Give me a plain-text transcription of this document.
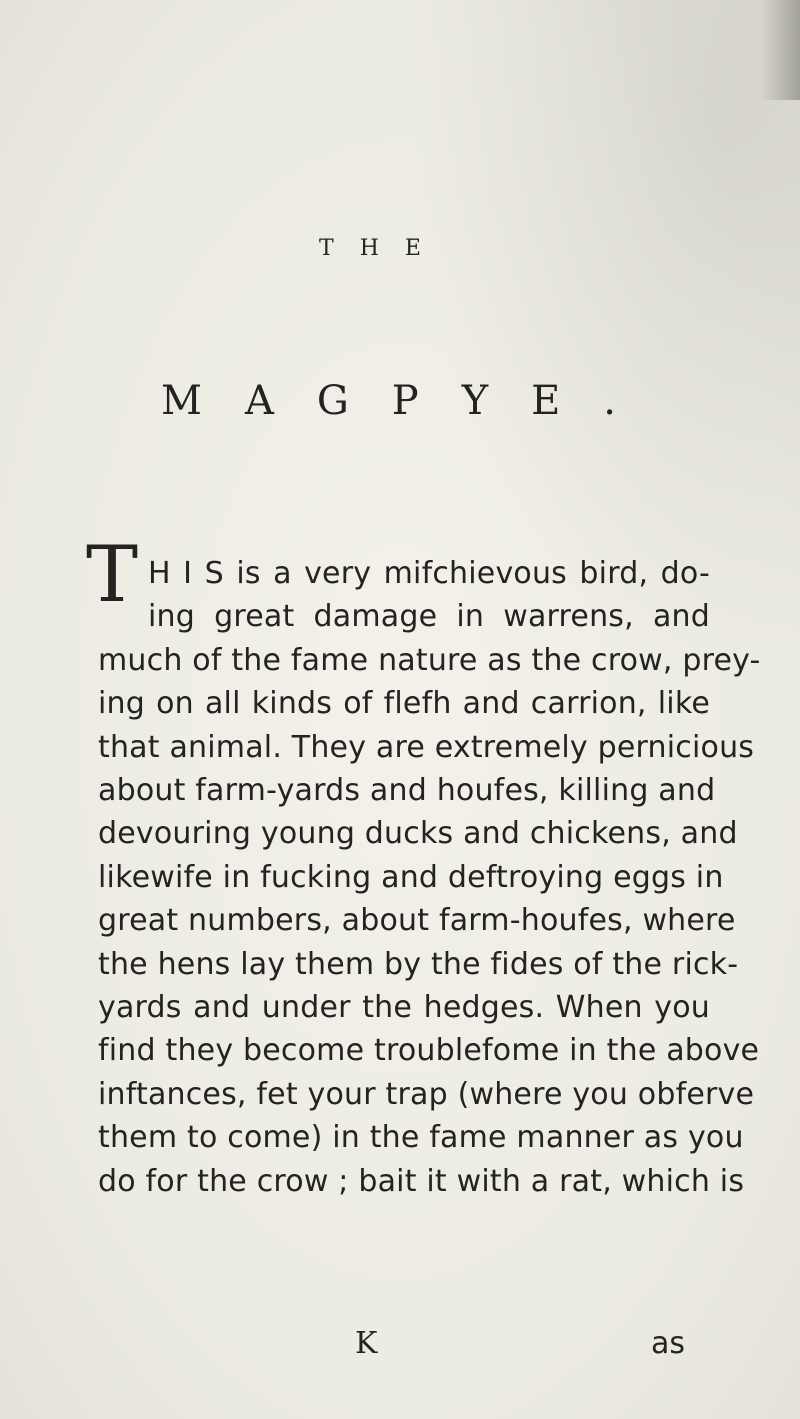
THE
MAGPYE.
T H I S is a very mifchievous bird, do-
ing great damage in warrens, and
much of the fame nature as the crow, prey-
ing on all kinds of flefh and carrion, like
that animal. They are extremely pernicious
about farm-yards and houfes, killing and
devouring young ducks and chickens, and
likewife in fucking and deftroying eggs in
great numbers, about farm-houfes, where
the hens lay them by the fides of the rick-
yards and under the hedges. When you
find they become troublefome in the above
inftances, fet your trap (where you obferve
them to come) in the fame manner as you
do for the crow ; bait it with a rat, which is
K	as
